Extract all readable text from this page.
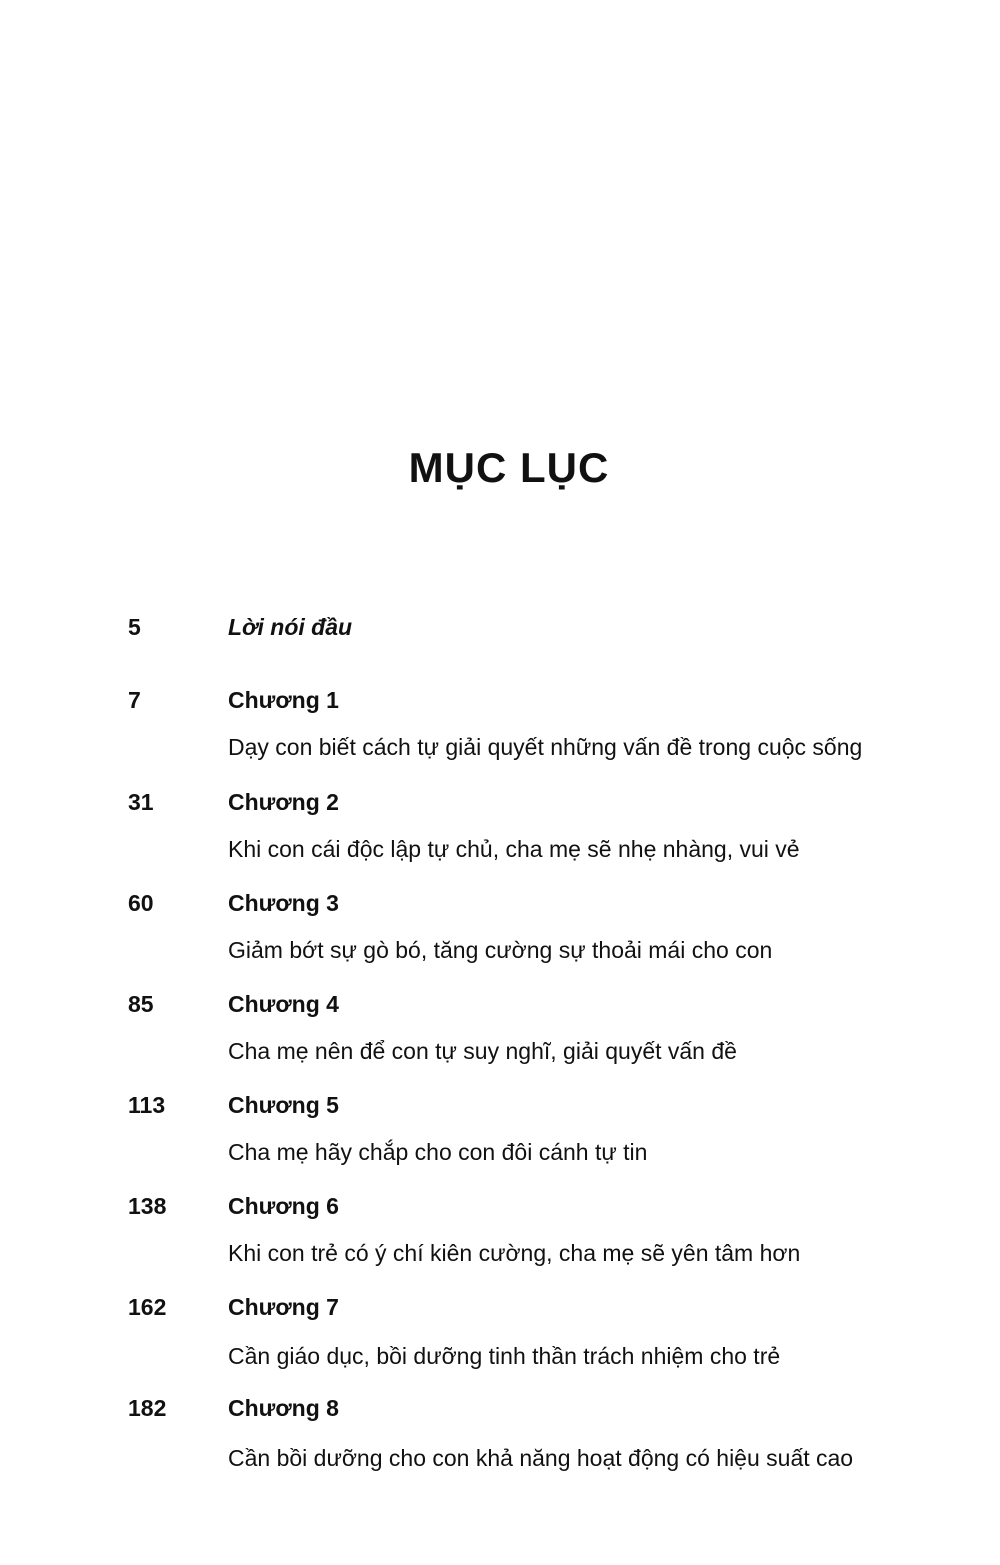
MỤC LỤC
5	Lời nói đầu
7	Chương 1
Dạy con biết cách tự giải quyết những vấn đề trong cuộc sống
31	Chương 2
Khi con cái độc lập tự chủ, cha mẹ sẽ nhẹ nhàng, vui vẻ
60	Chương 3
Giảm bớt sự gò bó, tăng cường sự thoải mái cho con
85	Chương 4
Cha mẹ nên để con tự suy nghĩ, giải quyết vấn đề
113	Chương 5
Cha mẹ hãy chắp cho con đôi cánh tự tin
138	Chương 6
Khi con trẻ có ý chí kiên cường, cha mẹ sẽ yên tâm hơn
162	Chương 7
Cần giáo dục, bồi dưỡng tinh thần trách nhiệm cho trẻ
182	Chương 8
Cần bồi dưỡng cho con khả năng hoạt động có hiệu suất cao
